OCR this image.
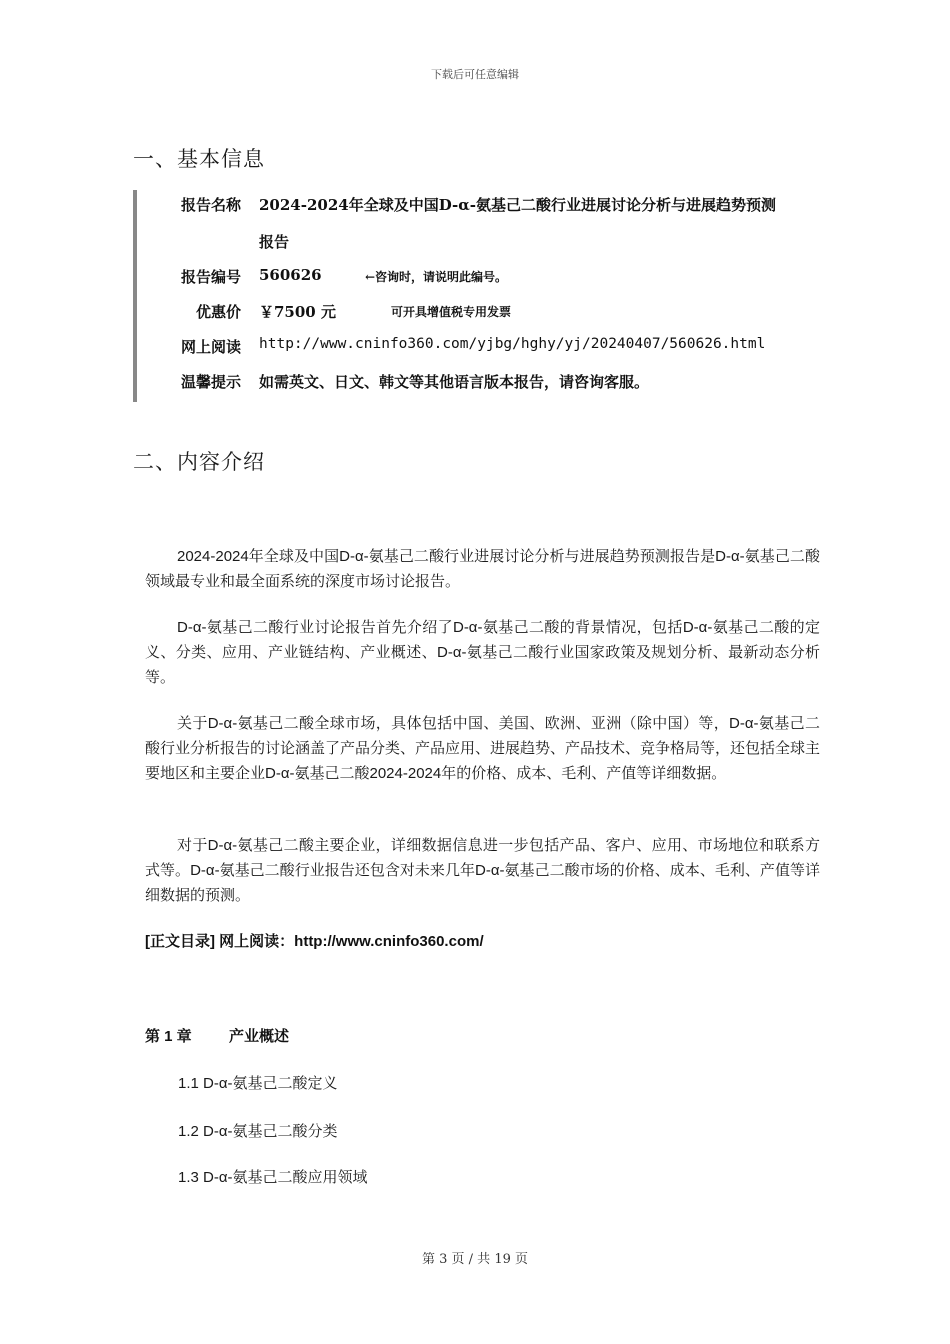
下载后可任意编辑
一、基本信息
报告名称 2024-2024年全球及中国D-α-氨基己二酸行业进展讨论分析与进展趋势预测
报告
报告编号 560626	←咨询时，请说明此编号。
优惠价 ￥7500 元	可开具增值税专用发票
网上阅读 http://www.cninfo360.com/yjbg/hghy/yj/20240407/560626.html
温馨提示 如需英文、日文、韩文等其他语言版本报告，请咨询客服。
二、内容介绍

2024-2024年全球及中国D-α-氨基己二酸行业进展讨论分析与进展趋势预测报告是D-α-氨基己二酸领域最专业和最全面系统的深度市场讨论报告。

D-α-氨基己二酸行业讨论报告首先介绍了D-α-氨基己二酸的背景情况，包括D-α-氨基己二酸的定义、分类、应用、产业链结构、产业概述、D-α-氨基己二酸行业国家政策及规划分析、最新动态分析等。

关于D-α-氨基己二酸全球市场，具体包括中国、美国、欧洲、亚洲（除中国）等，D-α-氨基己二酸行业分析报告的讨论涵盖了产品分类、产品应用、进展趋势、产品技术、竞争格局等，还包括全球主要地区和主要企业D-α-氨基己二酸2024-2024年的价格、成本、毛利、产值等详细数据。

对于D-α-氨基己二酸主要企业，详细数据信息进一步包括产品、客户、应用、市场地位和联系方式等。D-α-氨基己二酸行业报告还包含对未来几年D-α-氨基己二酸市场的价格、成本、毛利、产值等详细数据的预测。

[正文目录] 网上阅读：http://www.cninfo360.com/
第 1 章 产业概述
1.1 D-α-氨基己二酸定义
1.2 D-α-氨基己二酸分类
1.3 D-α-氨基己二酸应用领域
第 3 页 / 共 19 页
